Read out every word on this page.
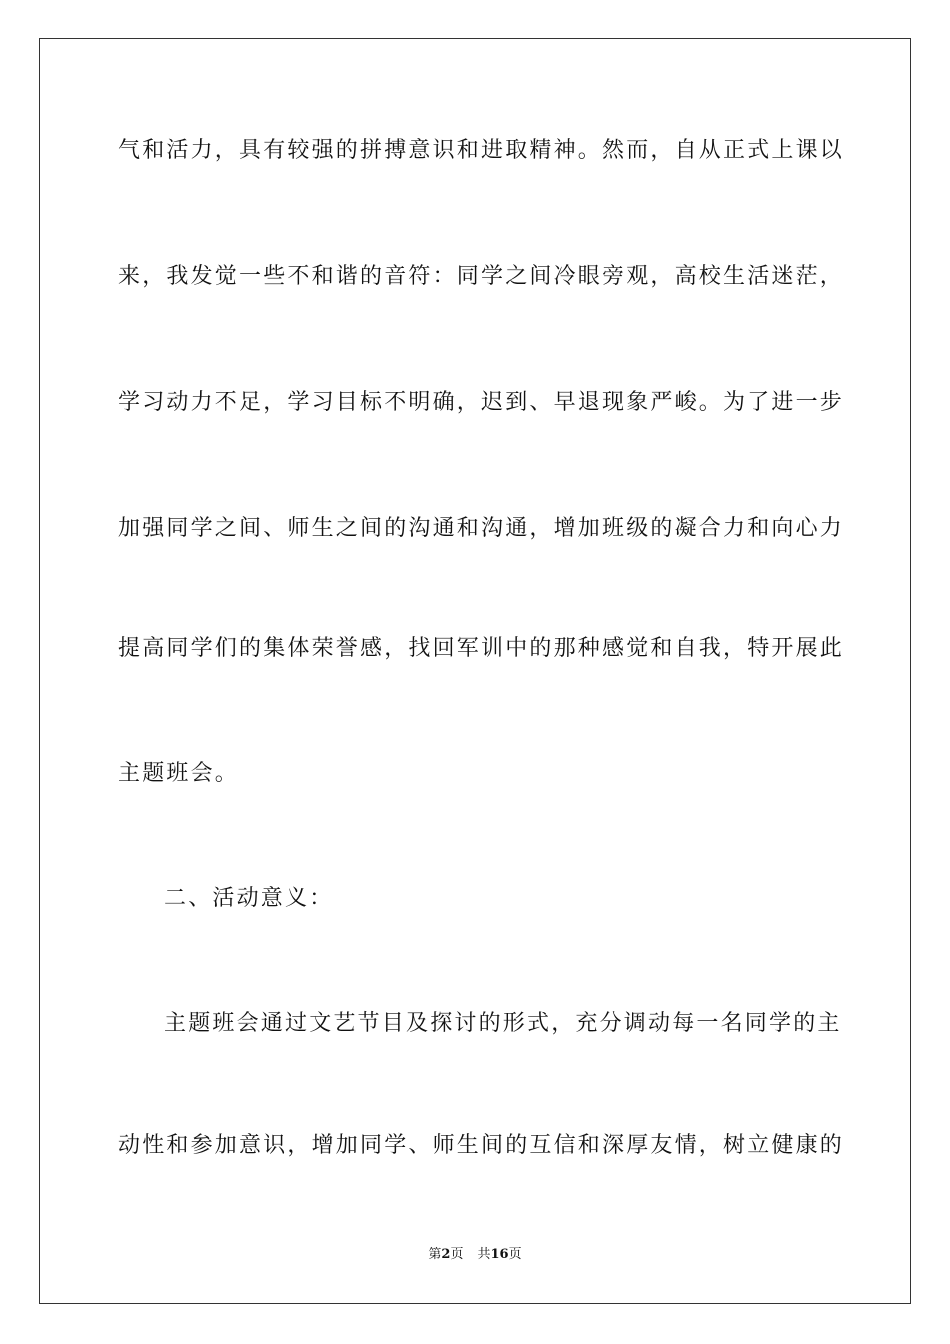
气和活力，具有较强的拼搏意识和进取精神。然而，自从正式上课以
来，我发觉一些不和谐的音符：同学之间冷眼旁观，高校生活迷茫，
学习动力不足，学习目标不明确，迟到、早退现象严峻。为了进一步
加强同学之间、师生之间的沟通和沟通，增加班级的凝合力和向心力
提高同学们的集体荣誉感，找回军训中的那种感觉和自我，特开展此
主题班会。
二、活动意义：
主题班会通过文艺节目及探讨的形式，充分调动每一名同学的主
动性和参加意识，增加同学、师生间的互信和深厚友情，树立健康的
第2页 共16页
